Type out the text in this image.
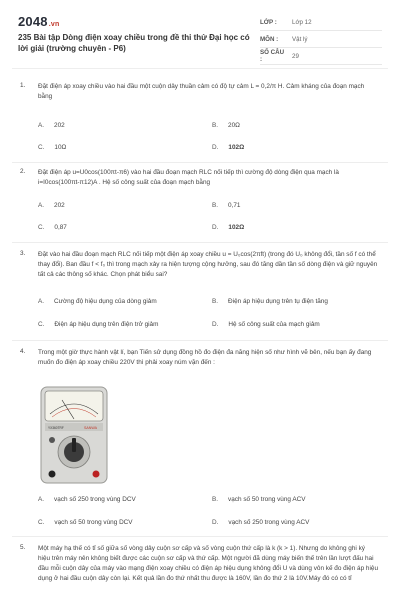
2048.vn
235 Bài tập Dòng điện xoay chiều trong đề thi thử Đại học có lời giải (trường chuyên - P6)
LỚP :	Lớp 12
MÔN :	Vật lý
SỐ CÂU :	29
1. Đặt điện áp xoay chiều vào hai đầu một cuộn dây thuần cảm có độ tự cảm L = 0,2/π H. Cảm kháng của đoạn mạch bằng
A. 202	B. 20Ω
C. 10Ω	D. 102Ω
2. Đặt điện áp u=U0cos(100πt-π6) vào hai đầu đoạn mạch RLC nối tiếp thì cường độ dòng điện qua mạch là i=I0cos(100πt-π12)A . Hệ số công suất của đoạn mạch bằng
A. 202	B. 0,71
C. 0,87	D. 102Ω
3. Đặt vào hai đầu đoạn mạch RLC nối tiếp một điện áp xoay chiều u = U₀cos(2πft) (trong đó U₀ không đổi, tần số f có thể thay đổi). Ban đầu f < f₀ thì trong mạch xảy ra hiện tượng cộng hưởng, sau đó tăng dần tần số dòng điện và giữ nguyên tất cả các thông số khác. Chọn phát biểu sai?
A. Cường độ hiệu dụng của dòng giảm	B. Điện áp hiệu dụng trên tụ điện tăng
C. Điện áp hiệu dụng trên điện trở giảm	D. Hệ số công suất của mạch giảm
4. Trong một giờ thực hành vật lí, bạn Tiến sử dụng đồng hồ đo điện đa năng hiện số như hình vẽ bên, nếu bạn ấy đang muốn đo điện áp xoay chiều 220V thì phải xoay núm vặn đến :
SANWA
YX360TRF
A. vạch số 250 trong vùng DCV	B. vạch số 50 trong vùng ACV
C. vạch số 50 trong vùng DCV	D. vạch số 250 trong vùng ACV
5. Một máy hạ thế có tỉ số giữa số vòng dây cuộn sơ cấp và số vòng cuộn thứ cấp là k (k > 1). Nhưng do không ghi ký hiệu trên máy nên không biết được các cuộn sơ cấp và thứ cấp. Một người đã dùng máy biến thế trên lần lượt đấu hai đầu mỗi cuộn dây của máy vào mạng điện xoay chiều có điện áp hiệu dụng không đổi U và dùng vôn kế đo điện áp hiệu dụng ở hai đầu cuộn dây còn lại. Kết quả lần đo thứ nhất thu được là 160V, lần đo thứ 2 là 10V.Máy đó có có tỉ
